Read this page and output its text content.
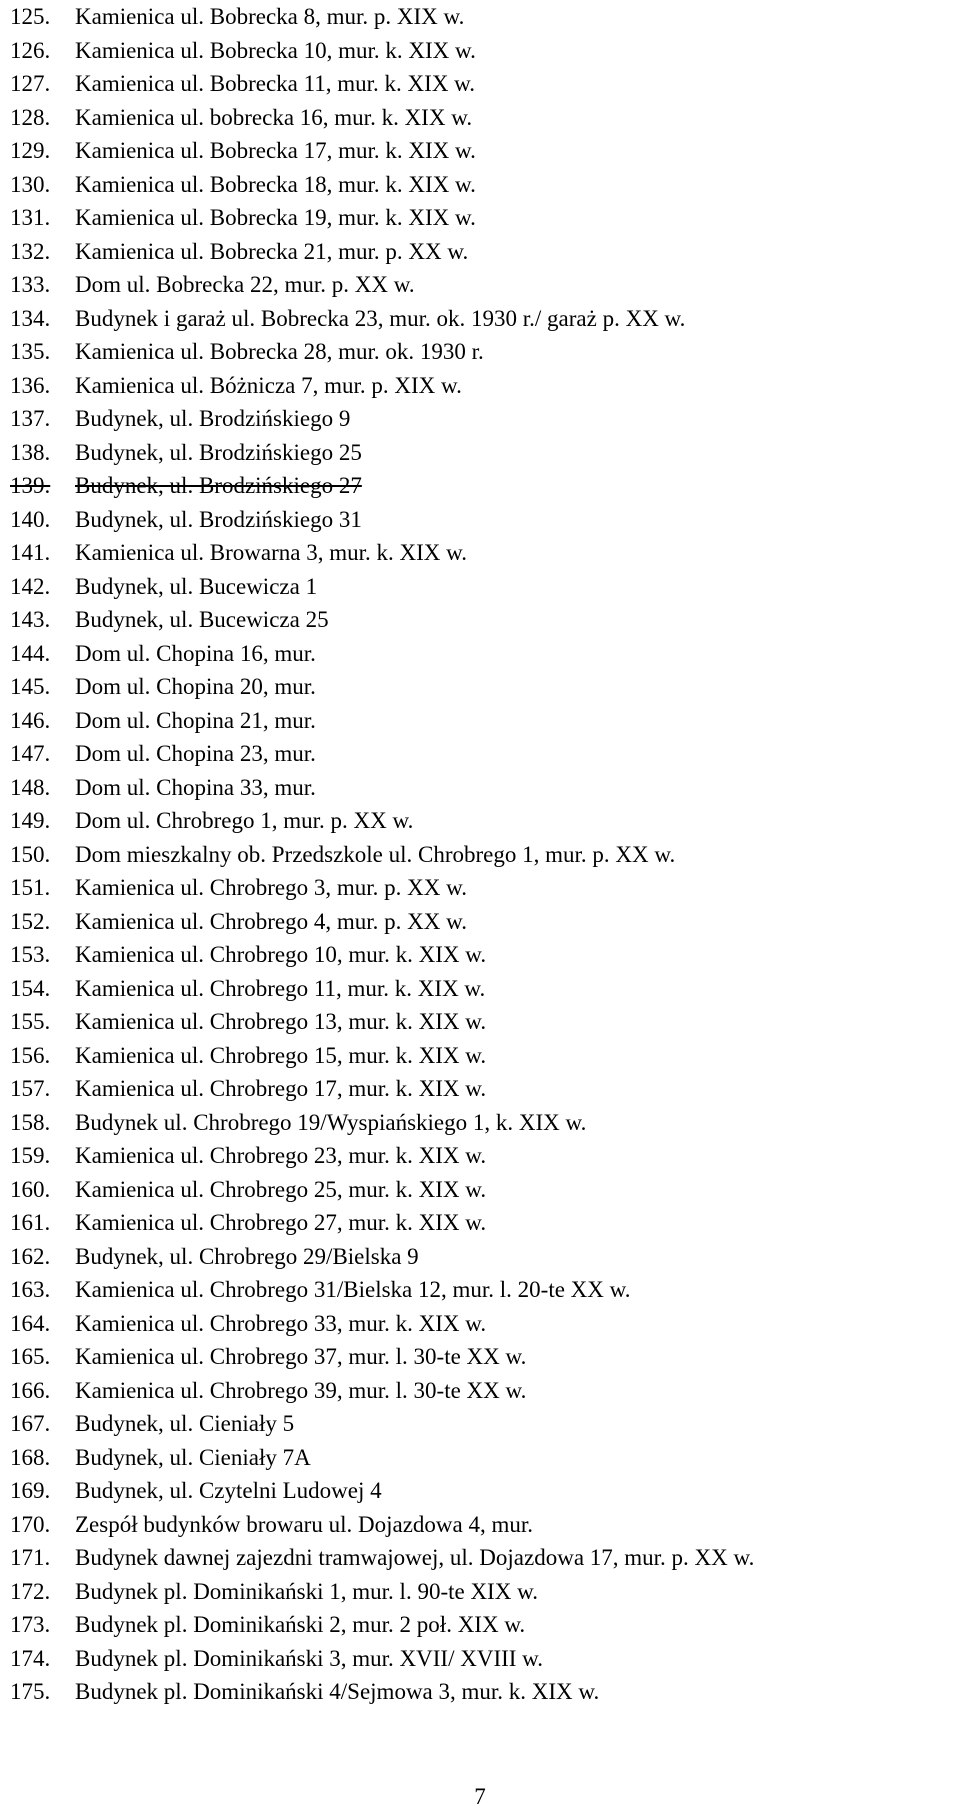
125.	Kamienica ul. Bobrecka 8, mur. p. XIX w.
126.	Kamienica ul. Bobrecka 10, mur. k. XIX w.
127.	Kamienica ul. Bobrecka 11, mur. k. XIX w.
128.	Kamienica ul. bobrecka 16, mur. k. XIX w.
129.	Kamienica ul. Bobrecka 17, mur. k. XIX w.
130.	Kamienica ul. Bobrecka 18, mur. k. XIX w.
131.	Kamienica ul. Bobrecka 19, mur. k. XIX w.
132.	Kamienica ul. Bobrecka 21, mur. p. XX w.
133.	Dom ul. Bobrecka 22, mur. p. XX w.
134.	Budynek i garaż ul. Bobrecka 23, mur. ok. 1930 r./ garaż p. XX w.
135.	Kamienica ul. Bobrecka 28, mur. ok. 1930 r.
136.	Kamienica ul. Bóżnicza 7, mur. p. XIX w.
137.	Budynek, ul. Brodzińskiego 9
138.	Budynek, ul. Brodzińskiego 25
139.	Budynek, ul. Brodzińskiego 27
140.	Budynek, ul. Brodzińskiego 31
141.	Kamienica ul. Browarna 3, mur. k. XIX w.
142.	Budynek, ul. Bucewicza 1
143.	Budynek, ul. Bucewicza 25
144.	Dom ul. Chopina 16, mur.
145.	Dom ul. Chopina 20, mur.
146.	Dom ul. Chopina 21, mur.
147.	Dom ul. Chopina 23, mur.
148.	Dom ul. Chopina 33, mur.
149.	Dom ul. Chrobrego 1, mur. p. XX w.
150.	Dom mieszkalny ob. Przedszkole ul. Chrobrego 1, mur. p. XX w.
151.	Kamienica ul. Chrobrego 3, mur. p. XX w.
152.	Kamienica ul. Chrobrego 4, mur. p. XX w.
153.	Kamienica ul. Chrobrego 10, mur. k. XIX w.
154.	Kamienica ul. Chrobrego 11, mur. k. XIX w.
155.	Kamienica ul. Chrobrego 13, mur. k. XIX w.
156.	Kamienica ul. Chrobrego 15, mur. k. XIX w.
157.	Kamienica ul. Chrobrego 17, mur. k. XIX w.
158.	Budynek ul. Chrobrego 19/Wyspiańskiego 1, k. XIX w.
159.	Kamienica ul. Chrobrego 23, mur. k. XIX w.
160.	Kamienica ul. Chrobrego 25, mur. k. XIX w.
161.	Kamienica ul. Chrobrego 27, mur. k. XIX w.
162.	Budynek, ul. Chrobrego 29/Bielska 9
163.	Kamienica ul. Chrobrego 31/Bielska 12, mur. l. 20-te XX w.
164.	Kamienica ul. Chrobrego 33, mur. k. XIX w.
165.	Kamienica ul. Chrobrego 37, mur. l. 30-te XX w.
166.	Kamienica ul. Chrobrego 39, mur. l. 30-te XX w.
167.	Budynek, ul. Cieniały 5
168.	Budynek, ul. Cieniały 7A
169.	Budynek, ul. Czytelni Ludowej 4
170.	Zespół budynków browaru ul. Dojazdowa 4, mur.
171.	Budynek dawnej zajezdni tramwajowej, ul. Dojazdowa 17, mur. p. XX w.
172.	Budynek pl. Dominikański 1, mur. l. 90-te XIX w.
173.	Budynek pl. Dominikański 2, mur. 2 poł. XIX w.
174.	Budynek pl. Dominikański 3, mur. XVII/ XVIII w.
175.	Budynek pl. Dominikański 4/Sejmowa 3, mur. k. XIX w.
7
